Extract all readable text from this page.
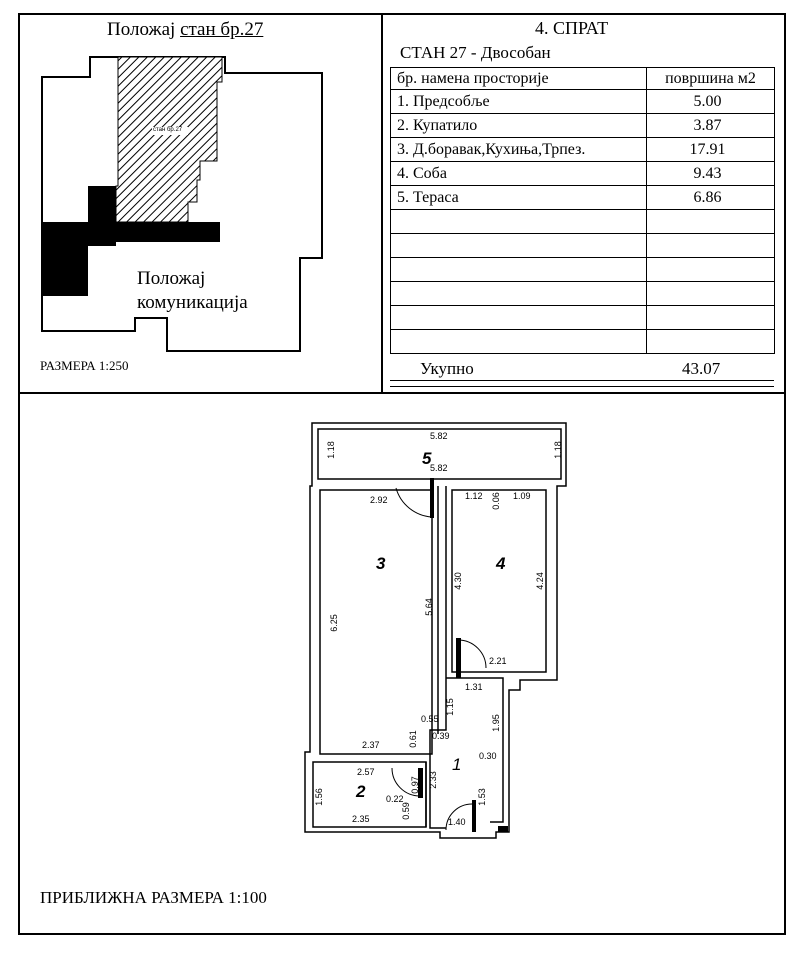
Положај стан бр.27
стан бр.27
Положај
комуникација
РАЗМЕРА 1:250
4. СПРАТ
СТАН 27 - Двособан
бр. намена просторије	површина м2
1. Предсобље	5.00
2. Купатило	3.87
3. Д.боравак,Кухиња,Трпез.	17.91
4. Соба	9.43
5. Тераса	6.86

Укупно	43.07
5
3	4
1
2
5.82
5.82
1.18	1.18
2.92
6.25
5.64
2.37
1.12	1.09
0.06
4.30	4.24
2.21
1.31
1.15
1.95
0.55
0.39
0.61
0.30
2.33
1.53
1.40
2.57
1.56
0.97
0.22
0.59
2.35
ПРИБЛИЖНА РАЗМЕРА 1:100
